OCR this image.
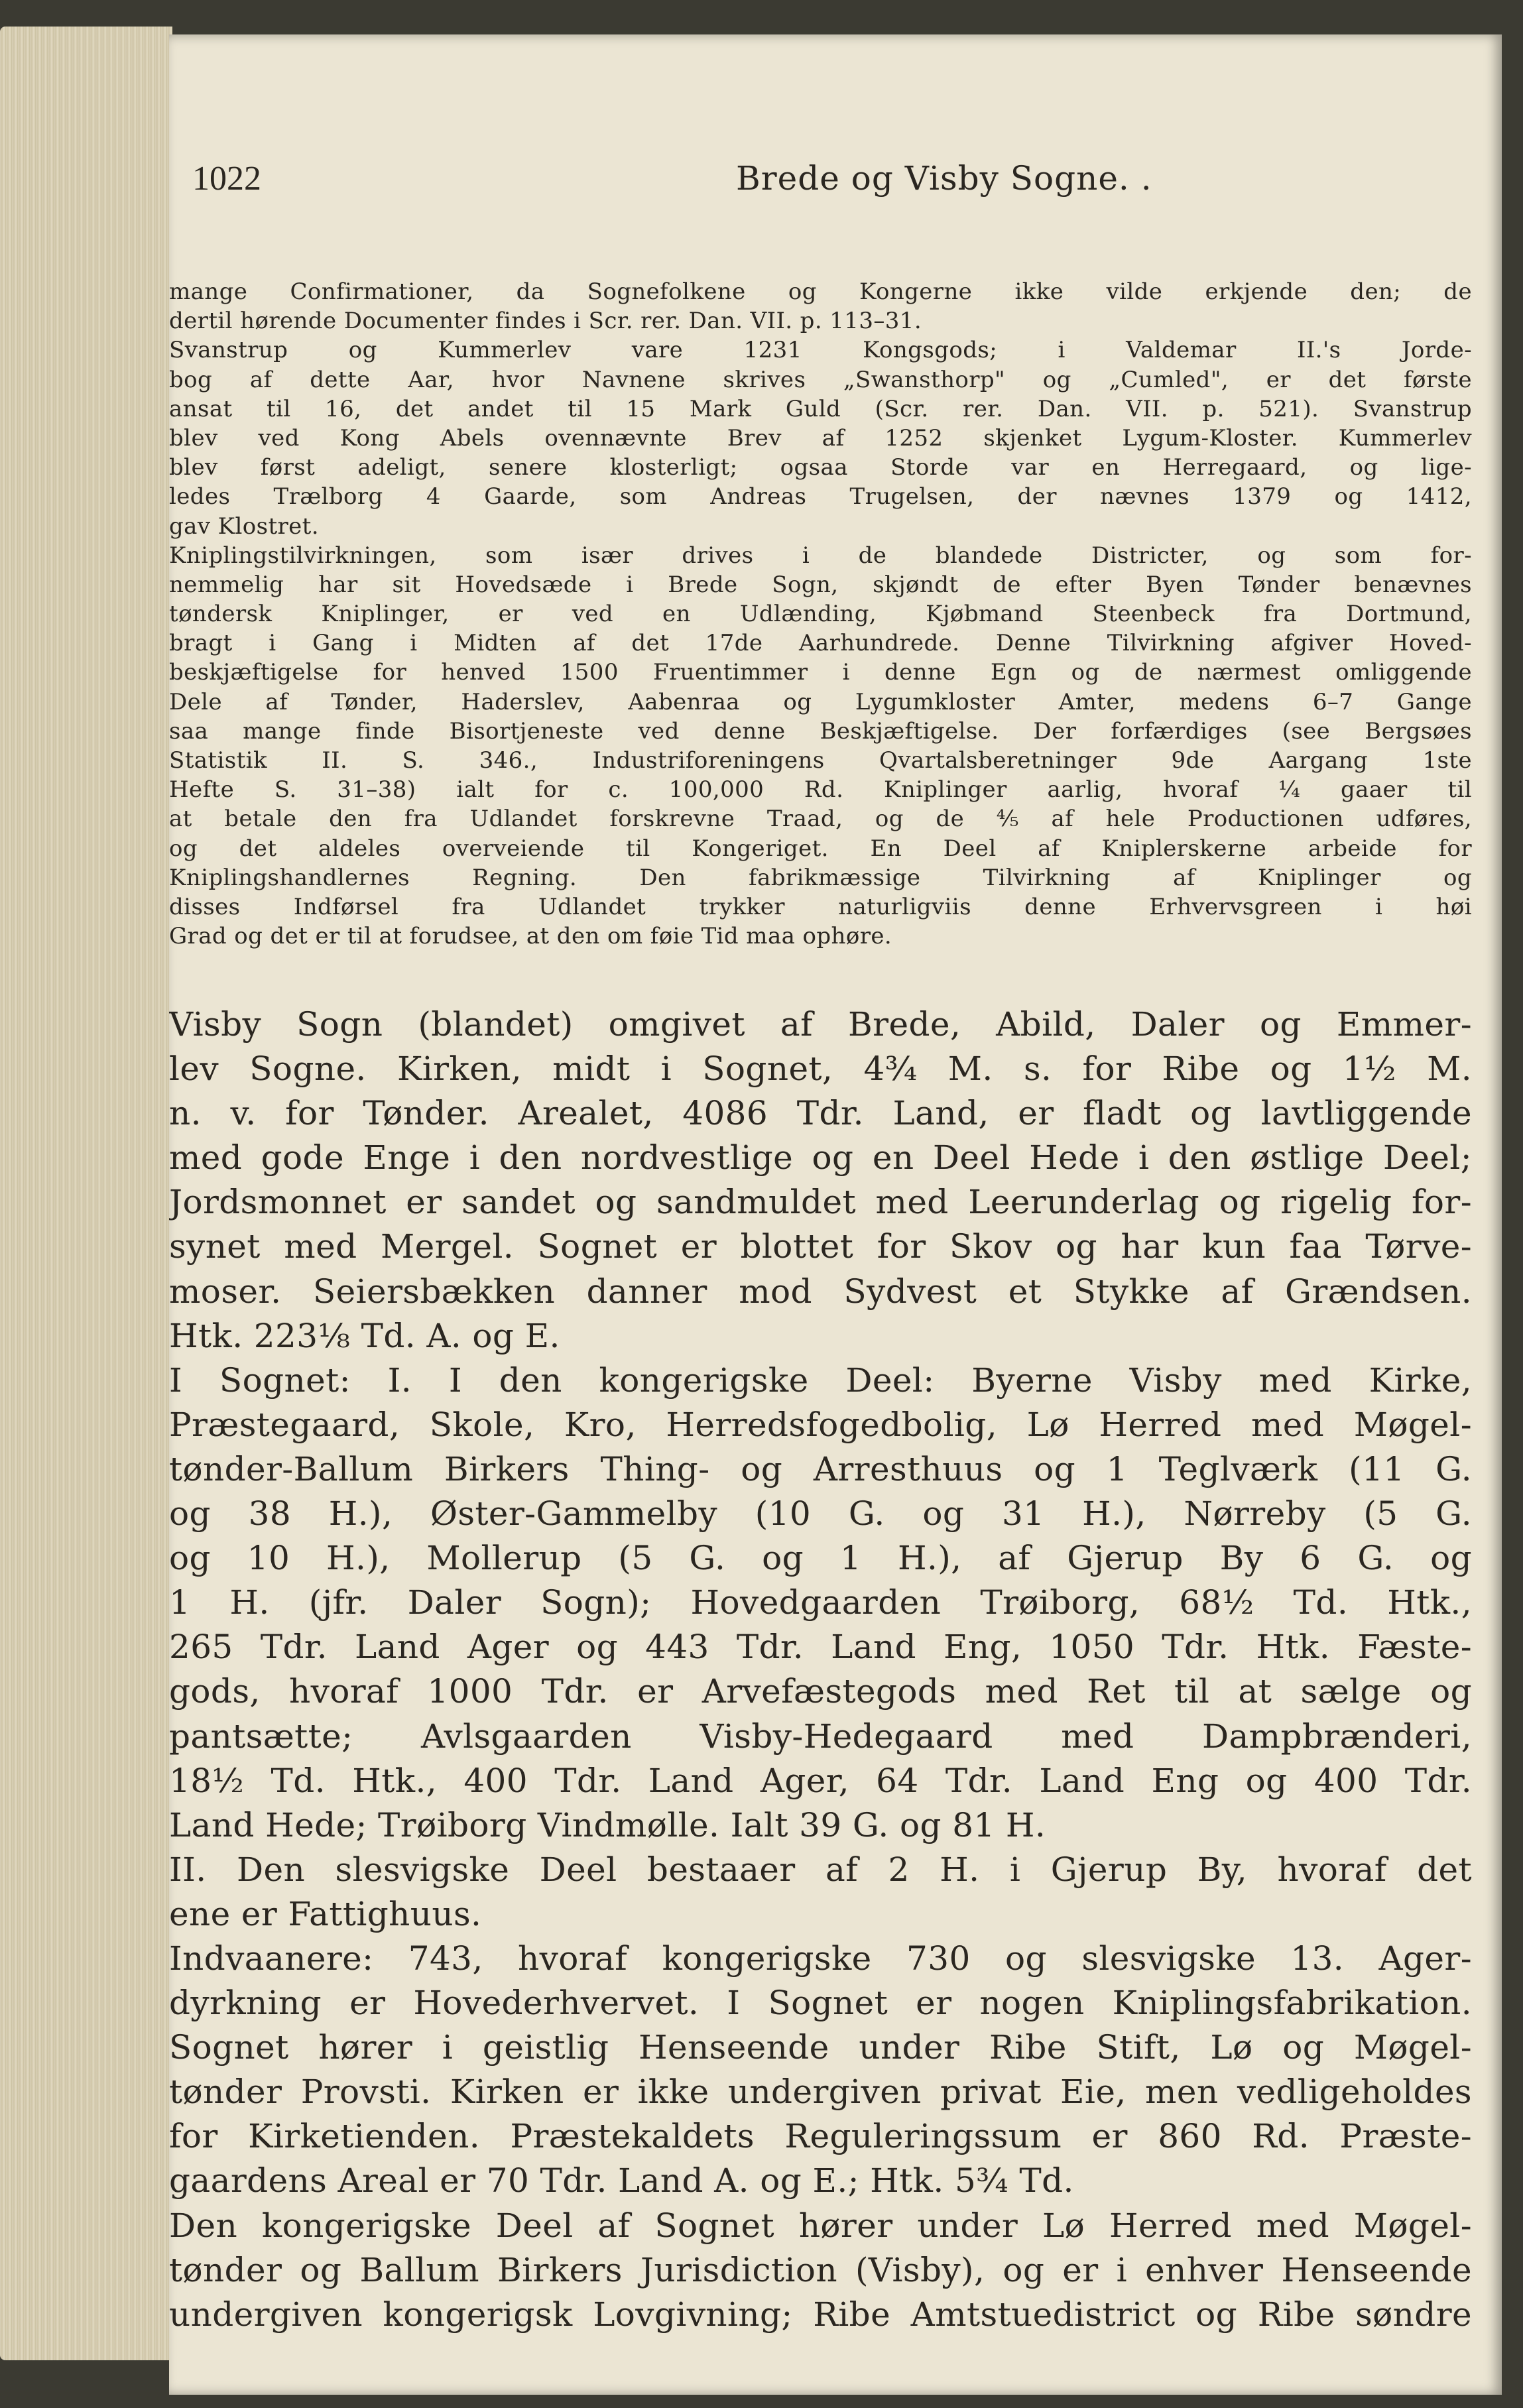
1022	Brede og Visby Sogne. .
mange Confirmationer, da Sognefolkene og Kongerne ikke vilde erkjende den; de
dertil hørende Documenter findes i Scr. rer. Dan. VII. p. 113–31.
Svanstrup og Kummerlev vare 1231 Kongsgods; i Valdemar II.'s Jorde-
bog af dette Aar, hvor Navnene skrives „Swansthorp" og „Cumled", er det første
ansat til 16, det andet til 15 Mark Guld (Scr. rer. Dan. VII. p. 521). Svanstrup
blev ved Kong Abels ovennævnte Brev af 1252 skjenket Lygum-Kloster. Kummerlev
blev først adeligt, senere klosterligt; ogsaa Storde var en Herregaard, og lige-
ledes Trælborg 4 Gaarde, som Andreas Trugelsen, der nævnes 1379 og 1412,
gav Klostret.
Kniplingstilvirkningen, som især drives i de blandede Districter, og som for-
nemmelig har sit Hovedsæde i Brede Sogn, skjøndt de efter Byen Tønder benævnes
tøndersk Kniplinger, er ved en Udlænding, Kjøbmand Steenbeck fra Dortmund,
bragt i Gang i Midten af det 17de Aarhundrede. Denne Tilvirkning afgiver Hoved-
beskjæftigelse for henved 1500 Fruentimmer i denne Egn og de nærmest omliggende
Dele af Tønder, Haderslev, Aabenraa og Lygumkloster Amter, medens 6–7 Gange
saa mange finde Bisortjeneste ved denne Beskjæftigelse. Der forfærdiges (see Bergsøes
Statistik II. S. 346., Industriforeningens Qvartalsberetninger 9de Aargang 1ste
Hefte S. 31–38) ialt for c. 100,000 Rd. Kniplinger aarlig, hvoraf ¼ gaaer til
at betale den fra Udlandet forskrevne Traad, og de ⁴⁄₅ af hele Productionen udføres,
og det aldeles overveiende til Kongeriget. En Deel af Kniplerskerne arbeide for
Kniplingshandlernes Regning. Den fabrikmæssige Tilvirkning af Kniplinger og
disses Indførsel fra Udlandet trykker naturligviis denne Erhvervsgreen i høi
Grad og det er til at forudsee, at den om føie Tid maa ophøre.
Visby Sogn (blandet) omgivet af Brede, Abild, Daler og Emmer-
lev Sogne. Kirken, midt i Sognet, 4¾ M. s. for Ribe og 1½ M.
n. v. for Tønder. Arealet, 4086 Tdr. Land, er fladt og lavtliggende
med gode Enge i den nordvestlige og en Deel Hede i den østlige Deel;
Jordsmonnet er sandet og sandmuldet med Leerunderlag og rigelig for-
synet med Mergel. Sognet er blottet for Skov og har kun faa Tørve-
moser. Seiersbækken danner mod Sydvest et Stykke af Grændsen.
Htk. 223⅛ Td. A. og E.
I Sognet: I. I den kongerigske Deel: Byerne Visby med Kirke,
Præstegaard, Skole, Kro, Herredsfogedbolig, Lø Herred med Møgel-
tønder-Ballum Birkers Thing- og Arresthuus og 1 Teglværk (11 G.
og 38 H.), Øster-Gammelby (10 G. og 31 H.), Nørreby (5 G.
og 10 H.), Mollerup (5 G. og 1 H.), af Gjerup By 6 G. og
1 H. (jfr. Daler Sogn); Hovedgaarden Trøiborg, 68½ Td. Htk.,
265 Tdr. Land Ager og 443 Tdr. Land Eng, 1050 Tdr. Htk. Fæste-
gods, hvoraf 1000 Tdr. er Arvefæstegods med Ret til at sælge og
pantsætte; Avlsgaarden Visby-Hedegaard med Dampbrænderi,
18½ Td. Htk., 400 Tdr. Land Ager, 64 Tdr. Land Eng og 400 Tdr.
Land Hede; Trøiborg Vindmølle. Ialt 39 G. og 81 H.
II. Den slesvigske Deel bestaaer af 2 H. i Gjerup By, hvoraf det
ene er Fattighuus.
Indvaanere: 743, hvoraf kongerigske 730 og slesvigske 13. Ager-
dyrkning er Hovederhvervet. I Sognet er nogen Kniplingsfabrikation.
Sognet hører i geistlig Henseende under Ribe Stift, Lø og Møgel-
tønder Provsti. Kirken er ikke undergiven privat Eie, men vedligeholdes
for Kirketienden. Præstekaldets Reguleringssum er 860 Rd. Præste-
gaardens Areal er 70 Tdr. Land A. og E.; Htk. 5¾ Td.
Den kongerigske Deel af Sognet hører under Lø Herred med Møgel-
tønder og Ballum Birkers Jurisdiction (Visby), og er i enhver Henseende
undergiven kongerigsk Lovgivning; Ribe Amtstuedistrict og Ribe søndre
